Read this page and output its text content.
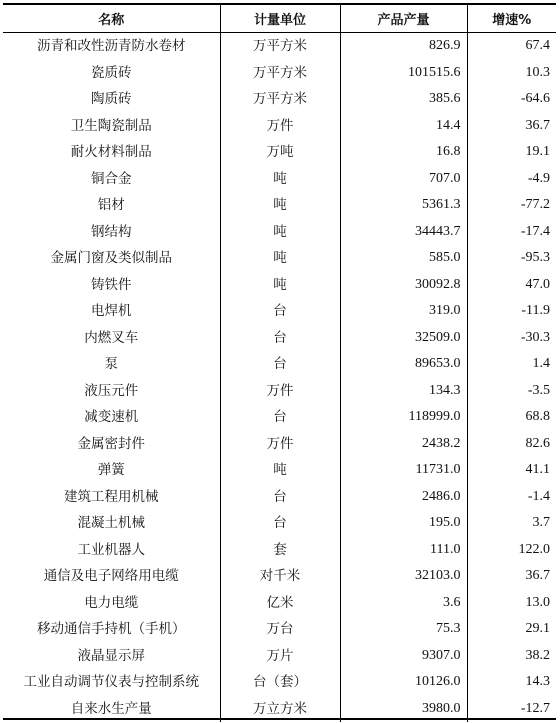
名称	计量单位	产品产量	增速%
沥青和改性沥青防水卷材	万平方米	826.9	67.4
瓷质砖	万平方米	101515.6	10.3
陶质砖	万平方米	385.6	-64.6
卫生陶瓷制品	万件	14.4	36.7
耐火材料制品	万吨	16.8	19.1
铜合金	吨	707.0	-4.9
铝材	吨	5361.3	-77.2
钢结构	吨	34443.7	-17.4
金属门窗及类似制品	吨	585.0	-95.3
铸铁件	吨	30092.8	47.0
电焊机	台	319.0	-11.9
内燃叉车	台	32509.0	-30.3
泵	台	89653.0	1.4
液压元件	万件	134.3	-3.5
减变速机	台	118999.0	68.8
金属密封件	万件	2438.2	82.6
弹簧	吨	11731.0	41.1
建筑工程用机械	台	2486.0	-1.4
混凝土机械	台	195.0	3.7
工业机器人	套	111.0	122.0
通信及电子网络用电缆	对千米	32103.0	36.7
电力电缆	亿米	3.6	13.0
移动通信手持机（手机）	万台	75.3	29.1
液晶显示屏	万片	9307.0	38.2
工业自动调节仪表与控制系统	台（套）	10126.0	14.3
自来水生产量	万立方米	3980.0	-12.7
